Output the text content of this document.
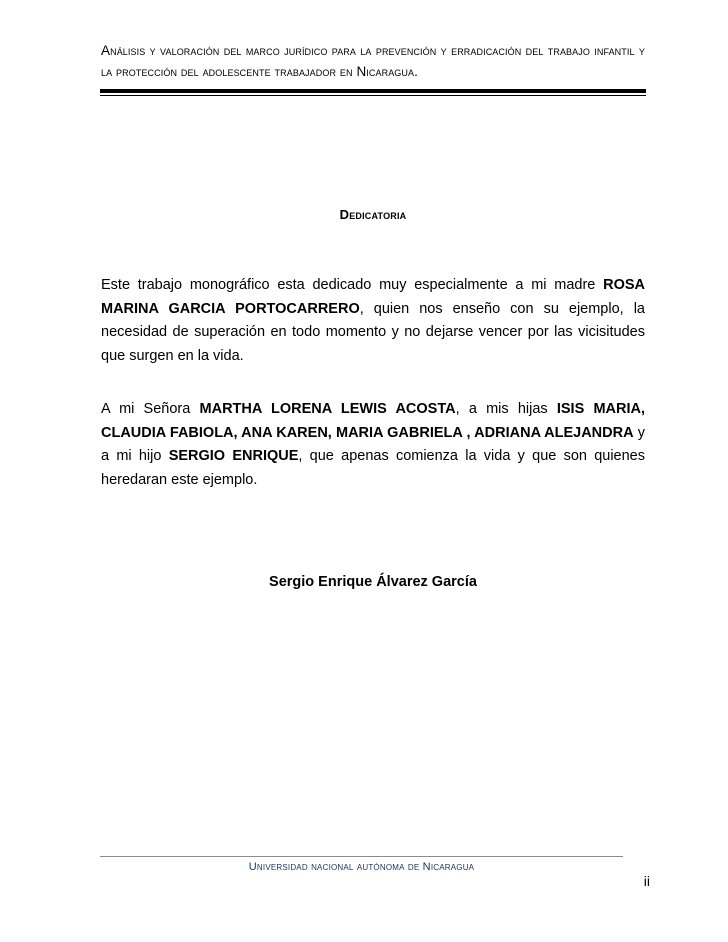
Análisis y valoración del marco jurídico para la prevención y erradicación del trabajo infantil y la protección del adolescente trabajador en Nicaragua.
Dedicatoria

Este trabajo monográfico esta dedicado muy especialmente a mi madre ROSA MARINA GARCIA PORTOCARRERO, quien nos enseño con su ejemplo, la necesidad de superación en todo momento y no dejarse vencer por las vicisitudes que surgen en la vida.

A mi Señora MARTHA LORENA LEWIS ACOSTA, a mis hijas ISIS MARIA, CLAUDIA FABIOLA, ANA KAREN, MARIA GABRIELA , ADRIANA ALEJANDRA y a mi hijo SERGIO ENRIQUE, que apenas comienza la vida y que son quienes heredaran este ejemplo.

Sergio Enrique Álvarez García
Universidad nacional autónoma de Nicaragua
ii
